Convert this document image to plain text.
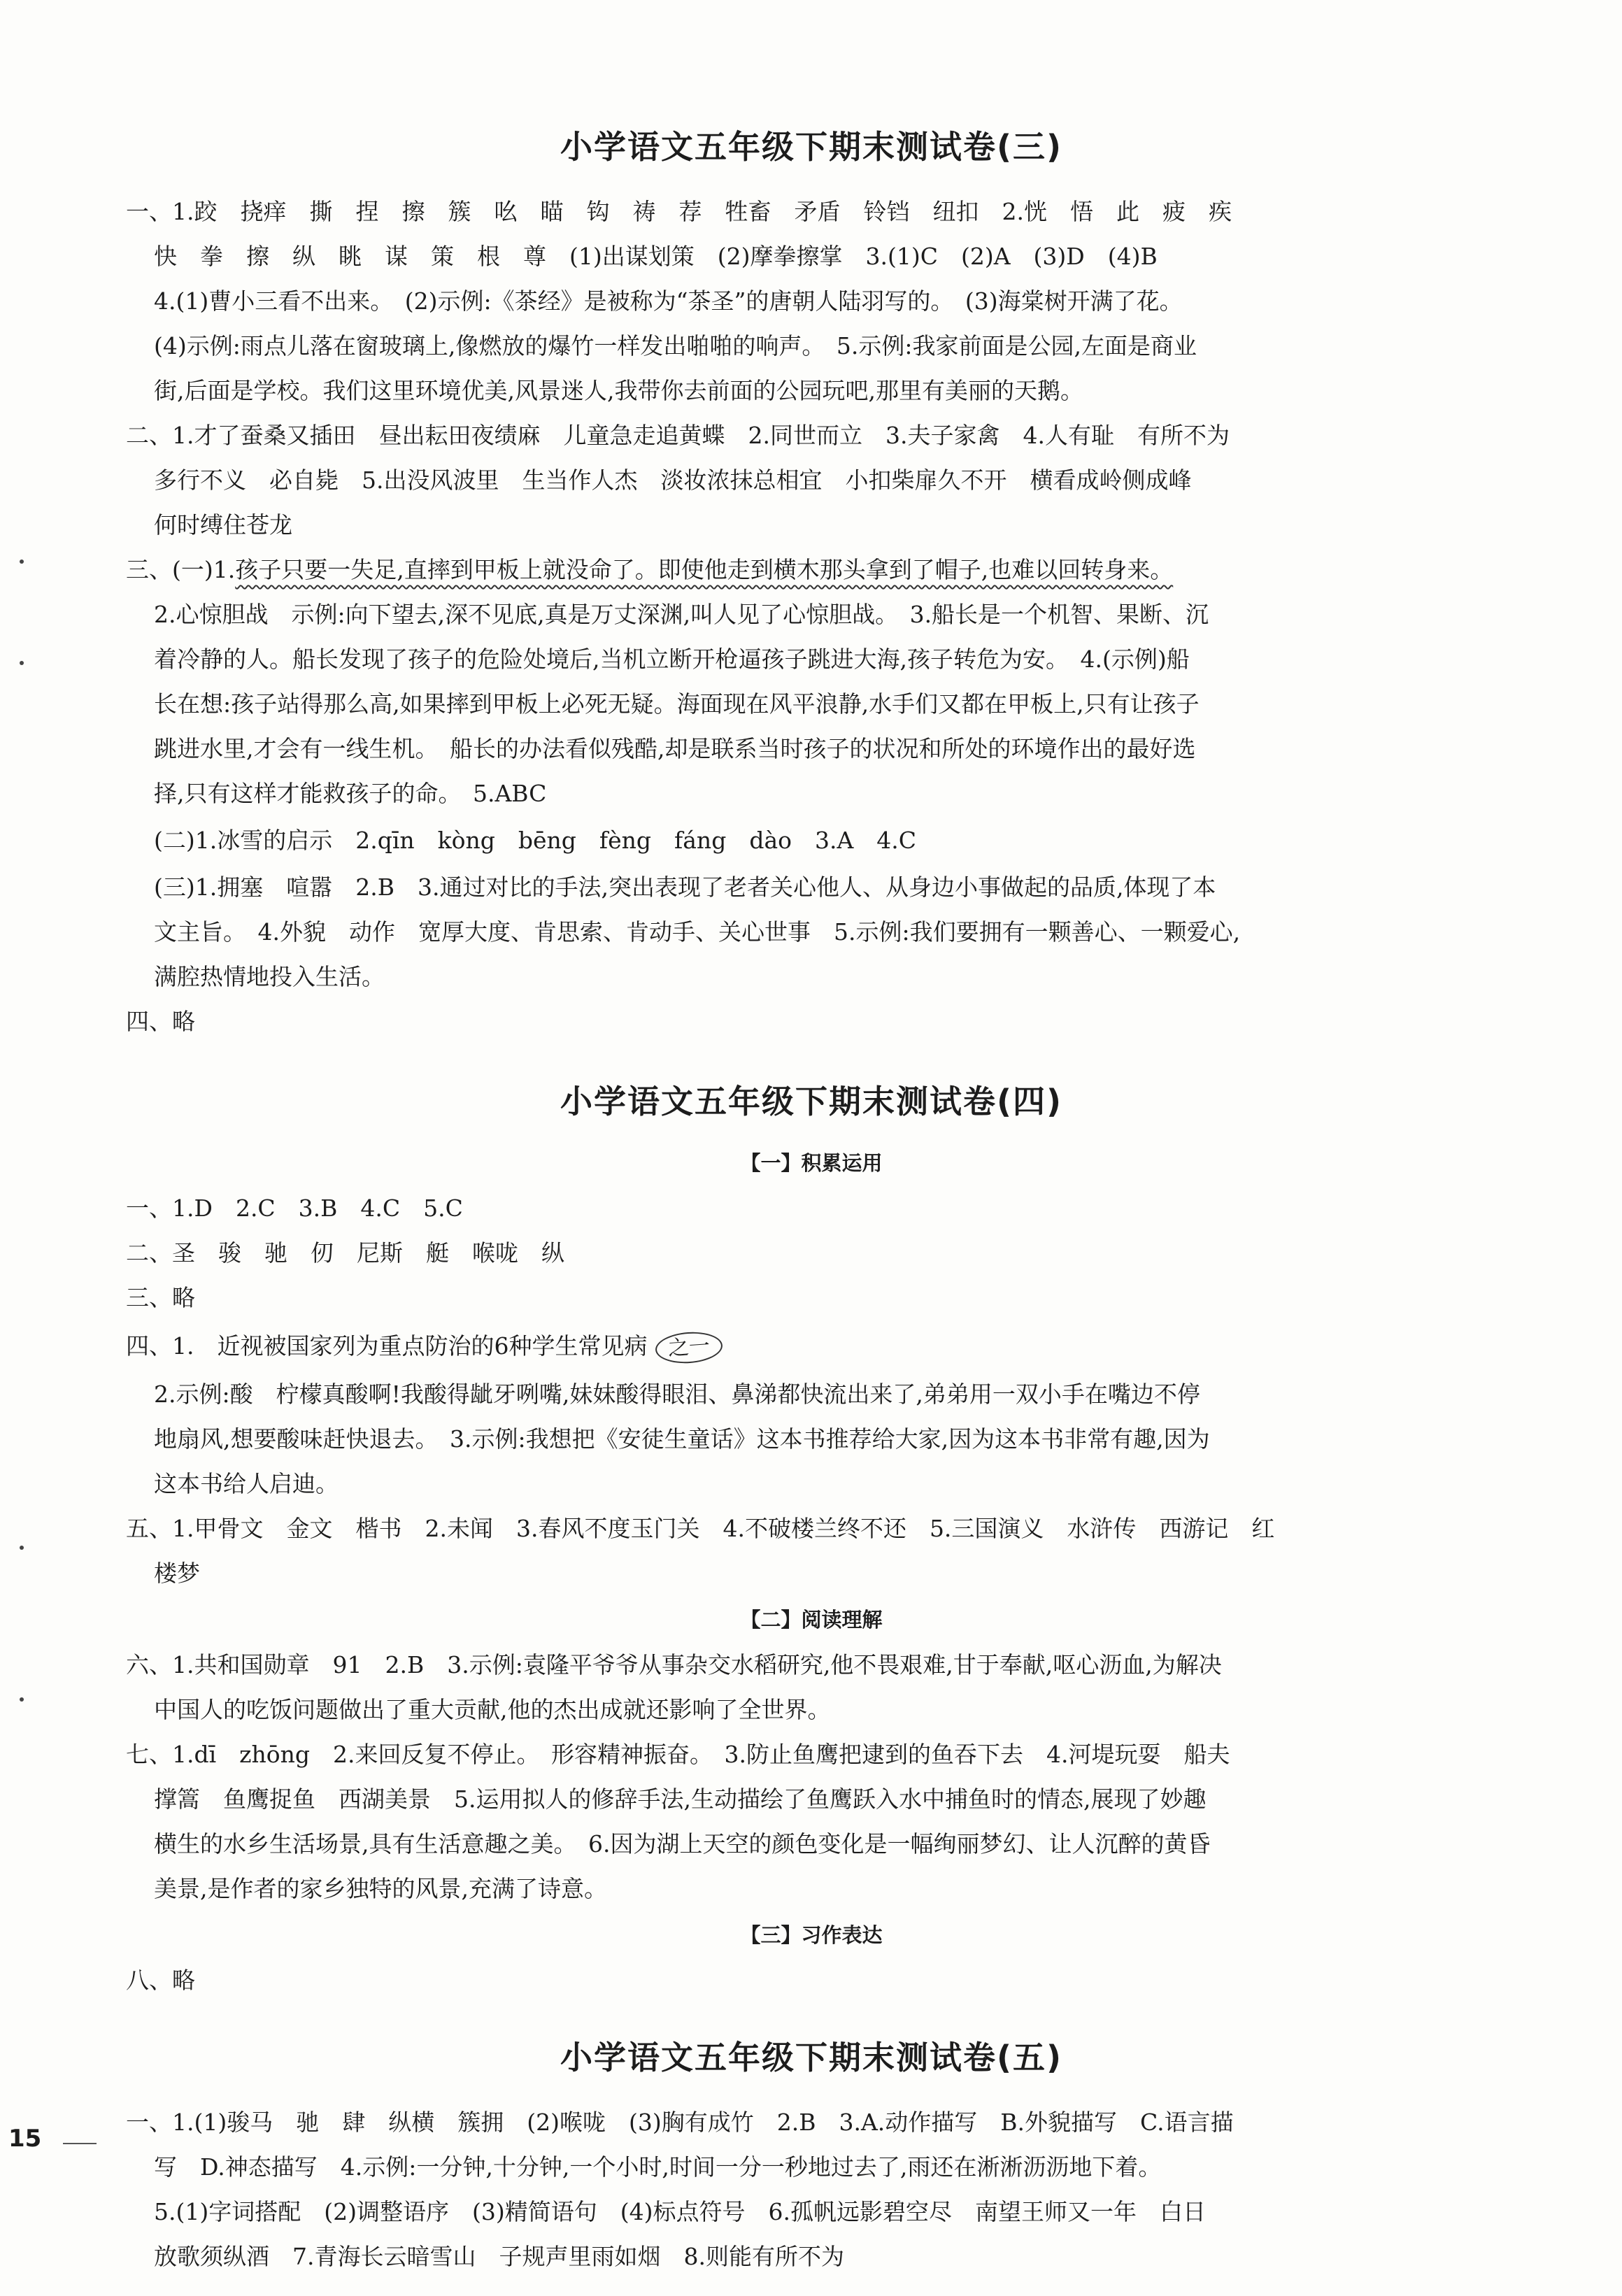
小学语文五年级下期末测试卷(三)
一、1.跤　挠痒　撕　捏　擦　簇　吆　瞄　钩　祷　荐　牲畜　矛盾　铃铛　纽扣　2.恍　悟　此　疲　疾
快　拳　擦　纵　眺　谋　策　根　尊　(1)出谋划策　(2)摩拳擦掌　3.(1)C　(2)A　(3)D　(4)B
4.(1)曹小三看不出来。　(2)示例:《茶经》是被称为“茶圣”的唐朝人陆羽写的。　(3)海棠树开满了花。
(4)示例:雨点儿落在窗玻璃上,像燃放的爆竹一样发出啪啪的响声。　5.示例:我家前面是公园,左面是商业
街,后面是学校。我们这里环境优美,风景迷人,我带你去前面的公园玩吧,那里有美丽的天鹅。
二、1.才了蚕桑又插田　昼出耘田夜绩麻　儿童急走追黄蝶　2.同世而立　3.夫子家禽　4.人有耻　有所不为
多行不义　必自毙　5.出没风波里　生当作人杰　淡妆浓抹总相宜　小扣柴扉久不开　横看成岭侧成峰
何时缚住苍龙
三、(一)1.孩子只要一失足,直摔到甲板上就没命了。即使他走到横木那头拿到了帽子,也难以回转身来。
2.心惊胆战　示例:向下望去,深不见底,真是万丈深渊,叫人见了心惊胆战。　3.船长是一个机智、果断、沉
着冷静的人。船长发现了孩子的危险处境后,当机立断开枪逼孩子跳进大海,孩子转危为安。　4.(示例)船
长在想:孩子站得那么高,如果摔到甲板上必死无疑。海面现在风平浪静,水手们又都在甲板上,只有让孩子
跳进水里,才会有一线生机。　船长的办法看似残酷,却是联系当时孩子的状况和所处的环境作出的最好选
择,只有这样才能救孩子的命。　5.ABC
(二)1.冰雪的启示　2.qīn　kòng　bēng　fèng　fáng　dào　3.A　4.C
(三)1.拥塞　喧嚣　2.B　3.通过对比的手法,突出表现了老者关心他人、从身边小事做起的品质,体现了本
文主旨。　4.外貌　动作　宽厚大度、肯思索、肯动手、关心世事　5.示例:我们要拥有一颗善心、一颗爱心,
满腔热情地投入生活。
四、略
小学语文五年级下期末测试卷(四)
【一】积累运用
一、1.D　2.C　3.B　4.C　5.C
二、圣　骏　驰　仞　尼斯　艇　喉咙　纵
三、略
四、1.　近视被国家列为重点防治的6种学生常见病 之一
2.示例:酸　柠檬真酸啊!我酸得龇牙咧嘴,妹妹酸得眼泪、鼻涕都快流出来了,弟弟用一双小手在嘴边不停
地扇风,想要酸味赶快退去。　3.示例:我想把《安徒生童话》这本书推荐给大家,因为这本书非常有趣,因为
这本书给人启迪。
五、1.甲骨文　金文　楷书　2.未闻　3.春风不度玉门关　4.不破楼兰终不还　5.三国演义　水浒传　西游记　红
楼梦
【二】阅读理解
六、1.共和国勋章　91　2.B　3.示例:袁隆平爷爷从事杂交水稻研究,他不畏艰难,甘于奉献,呕心沥血,为解决
中国人的吃饭问题做出了重大贡献,他的杰出成就还影响了全世界。
七、1.dī　zhōng　2.来回反复不停止。　形容精神振奋。　3.防止鱼鹰把逮到的鱼吞下去　4.河堤玩耍　船夫
撑篙　鱼鹰捉鱼　西湖美景　5.运用拟人的修辞手法,生动描绘了鱼鹰跃入水中捕鱼时的情态,展现了妙趣
横生的水乡生活场景,具有生活意趣之美。　6.因为湖上天空的颜色变化是一幅绚丽梦幻、让人沉醉的黄昏
美景,是作者的家乡独特的风景,充满了诗意。
【三】习作表达
八、略
小学语文五年级下期末测试卷(五)
一、1.(1)骏马　驰　肆　纵横　簇拥　(2)喉咙　(3)胸有成竹　2.B　3.A.动作描写　B.外貌描写　C.语言描
写　D.神态描写　4.示例:一分钟,十分钟,一个小时,时间一分一秒地过去了,雨还在淅淅沥沥地下着。
5.(1)字词搭配　(2)调整语序　(3)精简语句　(4)标点符号　6.孤帆远影碧空尽　南望王师又一年　白日
放歌须纵酒　7.青海长云暗雪山　子规声里雨如烟　8.则能有所不为
15
